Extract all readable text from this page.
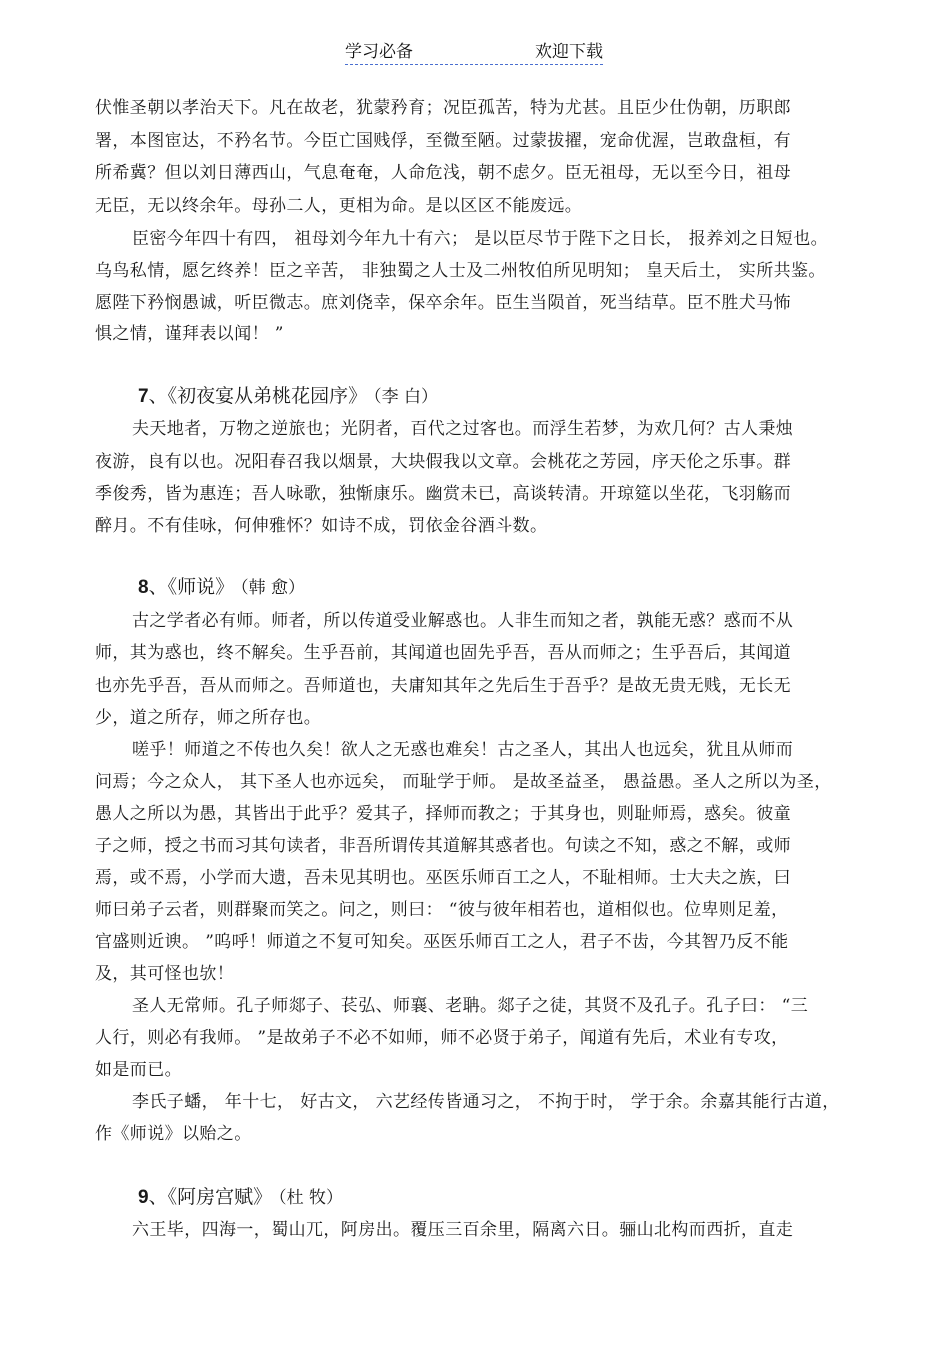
学习必备	欢迎下载
伏惟圣朝以孝治天下。凡在故老，犹蒙矜育；况臣孤苦，特为尤甚。且臣少仕伪朝，历职郎
署，本图宦达，不矜名节。今臣亡国贱俘，至微至陋。过蒙拔擢，宠命优渥，岂敢盘桓，有
所希冀？但以刘日薄西山，气息奄奄，人命危浅，朝不虑夕。臣无祖母，无以至今日，祖母
无臣，无以终余年。母孙二人，更相为命。是以区区不能废远。
臣密今年四十有四， 祖母刘今年九十有六； 是以臣尽节于陛下之日长， 报养刘之日短也。
乌鸟私情，愿乞终养！臣之辛苦， 非独蜀之人士及二州牧伯所见明知； 皇天后土， 实所共鉴。
愿陛下矜悯愚诚，听臣微志。庶刘侥幸，保卒余年。臣生当陨首，死当结草。臣不胜犬马怖
惧之情，谨拜表以闻！ ”
7、《初夜宴从弟桃花园序》 （李 白）
夫天地者，万物之逆旅也；光阴者，百代之过客也。而浮生若梦，为欢几何？古人秉烛
夜游，良有以也。况阳春召我以烟景，大块假我以文章。会桃花之芳园，序天伦之乐事。群
季俊秀，皆为惠连；吾人咏歌，独惭康乐。幽赏未已，高谈转清。开琼筵以坐花，飞羽觞而
醉月。不有佳咏，何伸雅怀？如诗不成，罚依金谷酒斗数。
8、《师说》 （韩 愈）
古之学者必有师。师者，所以传道受业解惑也。人非生而知之者，孰能无惑？惑而不从
师，其为惑也，终不解矣。生乎吾前，其闻道也固先乎吾，吾从而师之；生乎吾后，其闻道
也亦先乎吾，吾从而师之。吾师道也，夫庸知其年之先后生于吾乎？是故无贵无贱，无长无
少，道之所存，师之所存也。
嗟乎！师道之不传也久矣！欲人之无惑也难矣！古之圣人，其出人也远矣，犹且从师而
问焉；今之众人， 其下圣人也亦远矣， 而耻学于师。 是故圣益圣， 愚益愚。圣人之所以为圣，
愚人之所以为愚，其皆出于此乎？爱其子，择师而教之；于其身也，则耻师焉，惑矣。彼童
子之师，授之书而习其句读者，非吾所谓传其道解其惑者也。句读之不知，惑之不解，或师
焉，或不焉，小学而大遗，吾未见其明也。巫医乐师百工之人，不耻相师。士大夫之族，曰
师曰弟子云者，则群聚而笑之。问之，则曰： “彼与彼年相若也，道相似也。位卑则足羞，
官盛则近谀。 ”呜呼！师道之不复可知矣。巫医乐师百工之人，君子不齿，今其智乃反不能
及，其可怪也欤！
圣人无常师。孔子师郯子、苌弘、师襄、老聃。郯子之徒，其贤不及孔子。孔子曰： “三
人行，则必有我师。 ”是故弟子不必不如师，师不必贤于弟子，闻道有先后，术业有专攻，
如是而已。
李氏子蟠， 年十七， 好古文， 六艺经传皆通习之， 不拘于时， 学于余。余嘉其能行古道，
作《师说》以贻之。
9、《阿房宫赋》 （杜 牧）
六王毕，四海一，蜀山兀，阿房出。覆压三百余里，隔离六日。骊山北构而西折，直走
